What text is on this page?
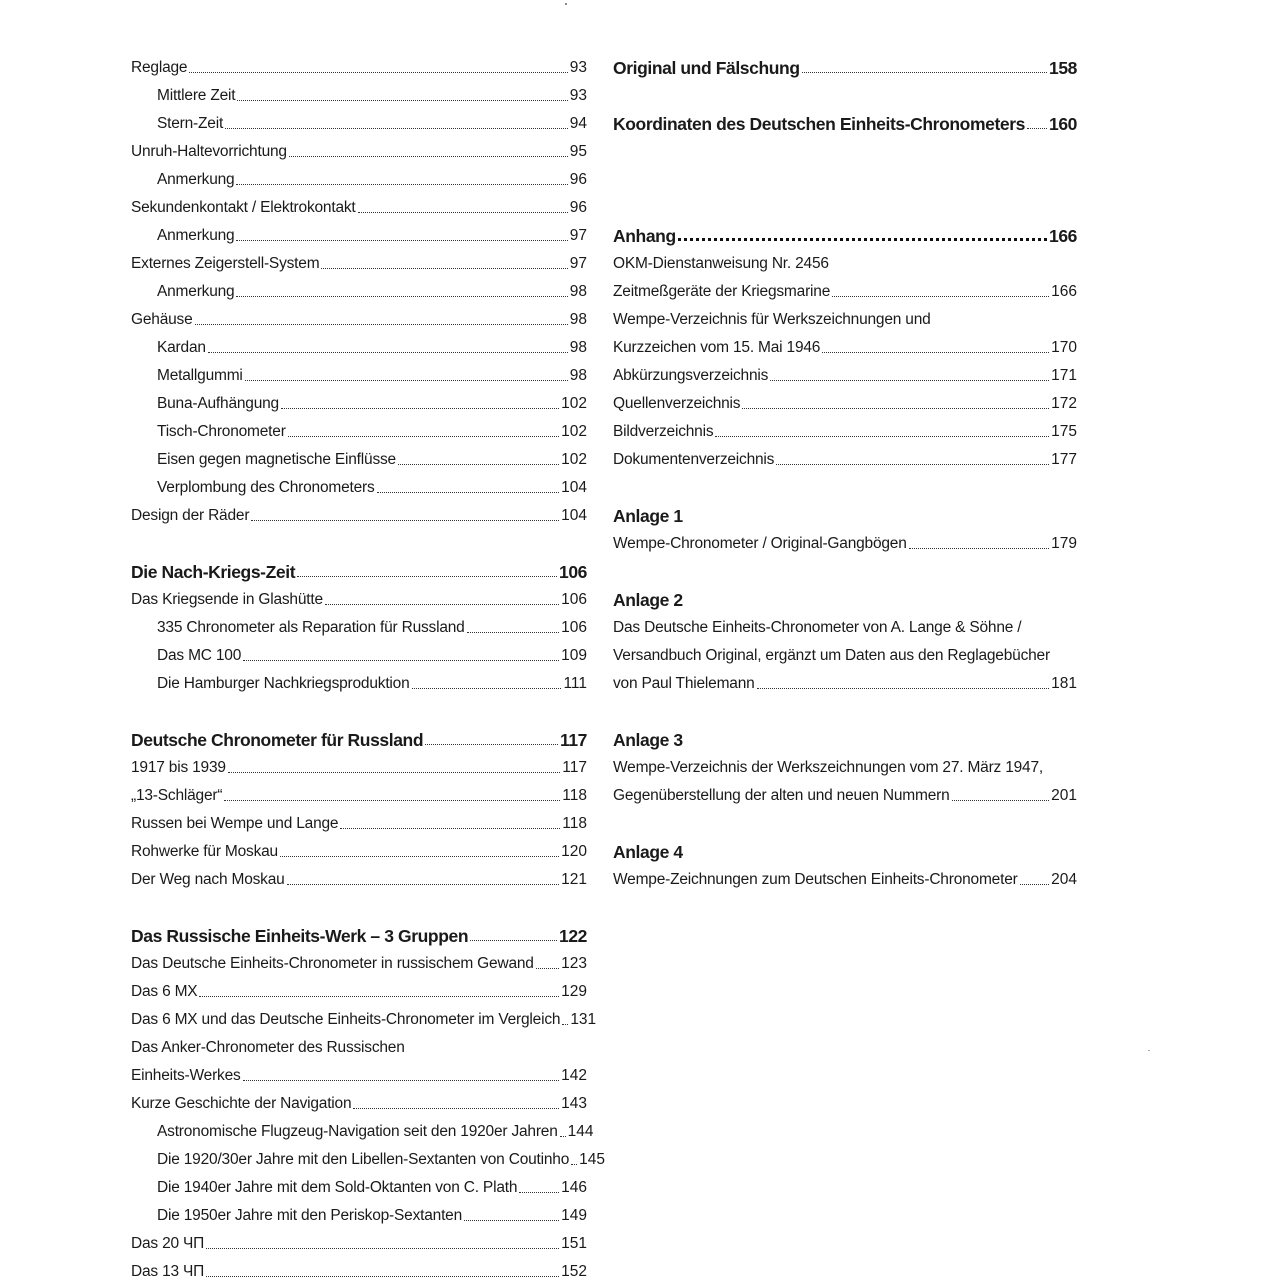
Reglage	93
Mittlere Zeit	93
Stern-Zeit	94
Unruh-Haltevorrichtung	95
Anmerkung	96
Sekundenkontakt / Elektrokontakt	96
Anmerkung	97
Externes Zeigerstell-System	97
Anmerkung	98
Gehäuse	98
Kardan	98
Metallgummi	98
Buna-Aufhängung	102
Tisch-Chronometer	102
Eisen gegen magnetische Einflüsse	102
Verplombung des Chronometers	104
Design der Räder	104
Die Nach-Kriegs-Zeit	106
Das Kriegsende in Glashütte	106
335 Chronometer als Reparation für Russland	106
Das MC 100	109
Die Hamburger Nachkriegsproduktion	111
Deutsche Chronometer für Russland	117
1917 bis 1939	117
„13-Schläger“	118
Russen bei Wempe und Lange	118
Rohwerke für Moskau	120
Der Weg nach Moskau	121
Das Russische Einheits-Werk – 3 Gruppen	122
Das Deutsche Einheits-Chronometer in russischem Gewand 123
Das 6 MX	129
Das 6 MX und das Deutsche Einheits-Chronometer im Vergleich 131
Das Anker-Chronometer des Russischen
Einheits-Werkes	142
Kurze Geschichte der Navigation	143
Astronomische Flugzeug-Navigation seit den 1920er Jahren 144
Die 1920/30er Jahre mit den Libellen-Sextanten von Coutinho 145
Die 1940er Jahre mit dem Sold-Oktanten von C. Plath	146
Die 1950er Jahre mit den Periskop-Sextanten	149
Das 20 ЧП	151
Das 13 ЧП	152
Original und Fälschung	158
Koordinaten des Deutschen Einheits-Chronometers 160
Anhang	166
OKM-Dienstanweisung Nr. 2456
Zeitmeßgeräte der Kriegsmarine	166
Wempe-Verzeichnis für Werkszeichnungen und
Kurzzeichen vom 15. Mai 1946	170
Abkürzungsverzeichnis	171
Quellenverzeichnis	172
Bildverzeichnis	175
Dokumentenverzeichnis	177
Anlage 1
Wempe-Chronometer / Original-Gangbögen	179
Anlage 2
Das Deutsche Einheits-Chronometer von A. Lange & Söhne /
Versandbuch Original, ergänzt um Daten aus den Reglagebücher
von Paul Thielemann	181
Anlage 3
Wempe-Verzeichnis der Werkszeichnungen vom 27. März 1947,
Gegenüberstellung der alten und neuen Nummern	201
Anlage 4
Wempe-Zeichnungen zum Deutschen Einheits-Chronometer 204
